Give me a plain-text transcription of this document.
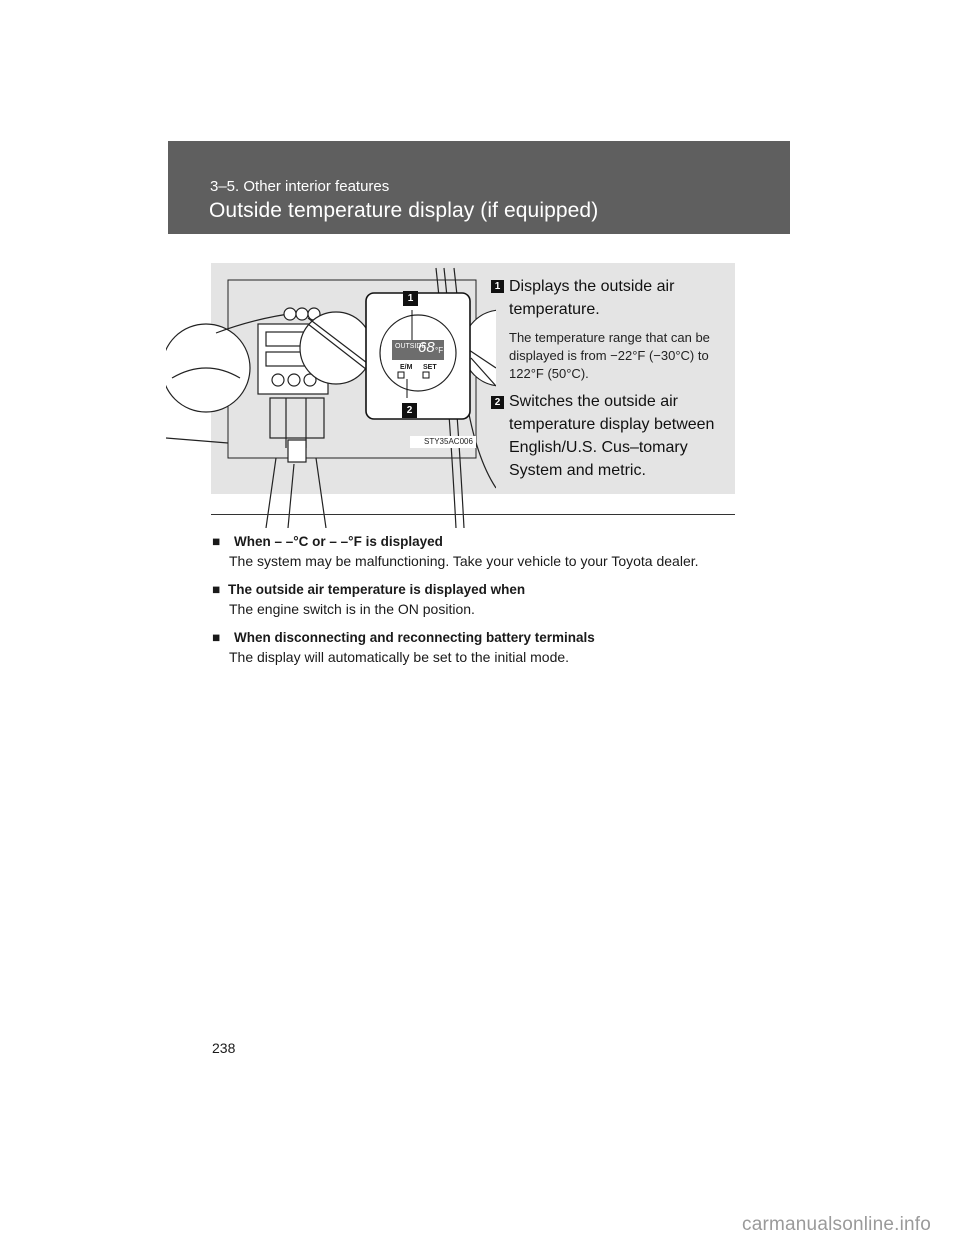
3‒5. Other interior features
Outside temperature display (if equipped)
OUTSIDE
68 °F
E/M SET
1
2
STY35AC006
1 Displays the outside air temperature.
The temperature range that can be displayed is from −22°F (−30°C) to 122°F (50°C).
2 Switches the outside air temperature display between English/U.S. Cus‒tomary System and metric.
■ When – –°C or – –°F is displayed
The system may be malfunctioning. Take your vehicle to your Toyota dealer.
■ The outside air temperature is displayed when
The engine switch is in the ON position.
■ When disconnecting and reconnecting battery terminals
The display will automatically be set to the initial mode.
238
carmanualsonline.info
